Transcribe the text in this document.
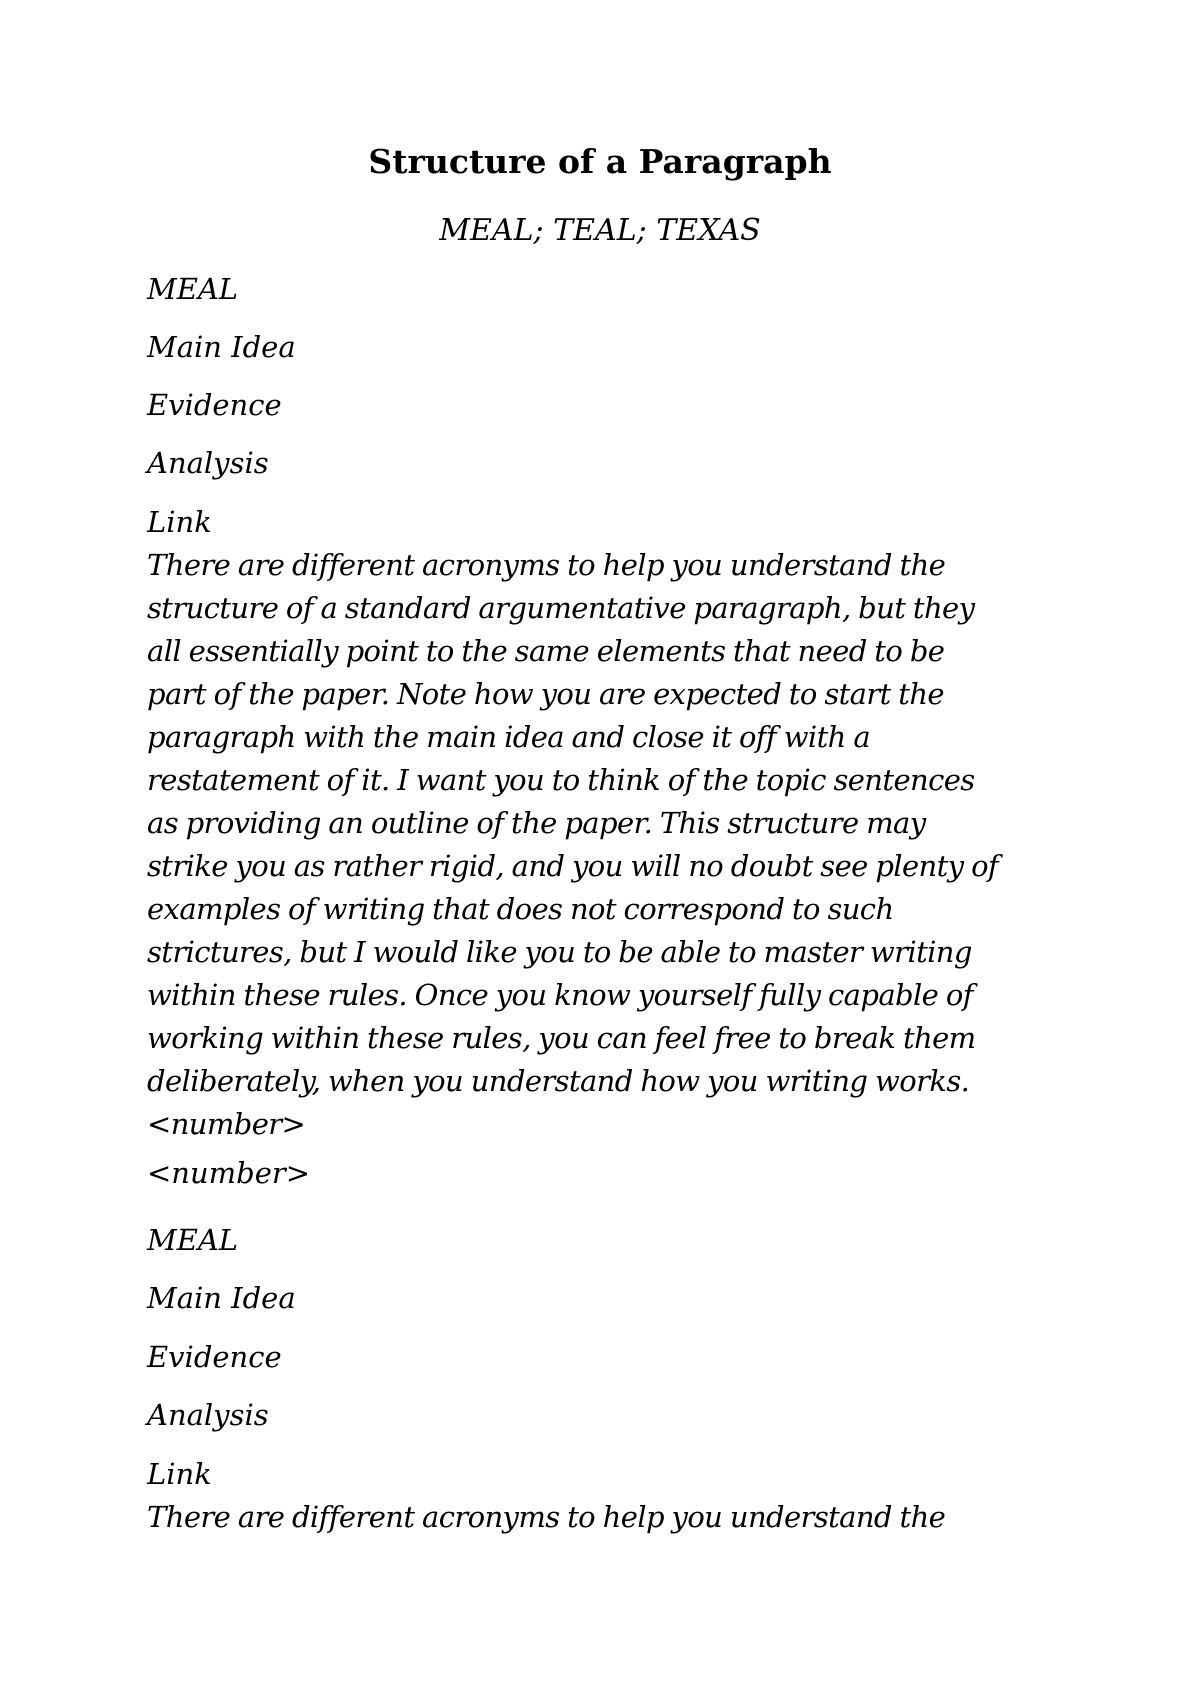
Structure of a Paragraph
MEAL; TEAL; TEXAS
MEAL
Main Idea
Evidence
Analysis
Link
There are different acronyms to help you understand the
structure of a standard argumentative paragraph, but they
all essentially point to the same elements that need to be
part of the paper. Note how you are expected to start the
paragraph with the main idea and close it off with a
restatement of it. I want you to think of the topic sentences
as providing an outline of the paper. This structure may
strike you as rather rigid, and you will no doubt see plenty of
examples of writing that does not correspond to such
strictures, but I would like you to be able to master writing
within these rules. Once you know yourself fully capable of
working within these rules, you can feel free to break them
deliberately, when you understand how you writing works.
<number>
<number>
MEAL
Main Idea
Evidence
Analysis
Link
There are different acronyms to help you understand the
